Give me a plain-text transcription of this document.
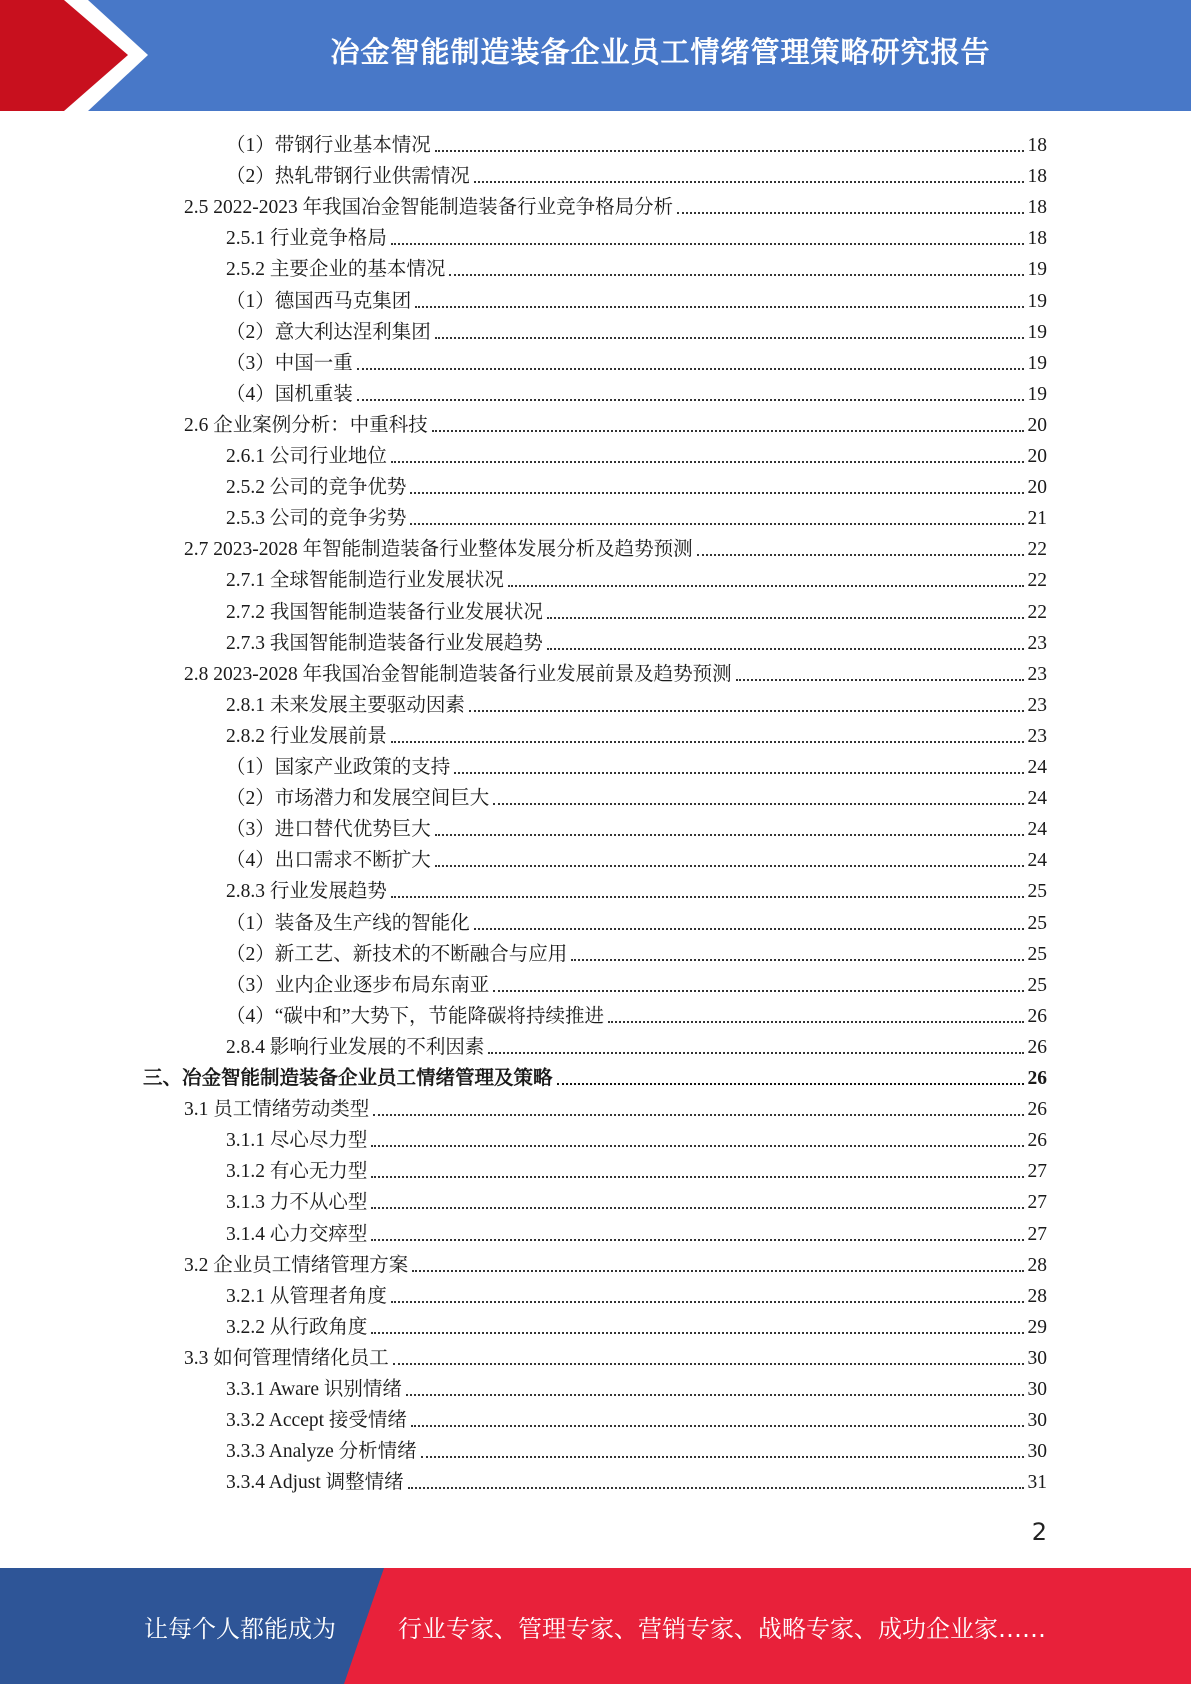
冶金智能制造装备企业员工情绪管理策略研究报告
（1）带钢行业基本情况	18
（2）热轧带钢行业供需情况	18
2.5 2022-2023 年我国冶金智能制造装备行业竞争格局分析	18
2.5.1 行业竞争格局	18
2.5.2 主要企业的基本情况	19
（1）德国西马克集团	19
（2）意大利达涅利集团	19
（3）中国一重	19
（4）国机重装	19
2.6 企业案例分析：中重科技	20
2.6.1 公司行业地位	20
2.5.2 公司的竞争优势	20
2.5.3 公司的竞争劣势	21
2.7 2023-2028 年智能制造装备行业整体发展分析及趋势预测	22
2.7.1 全球智能制造行业发展状况	22
2.7.2 我国智能制造装备行业发展状况	22
2.7.3 我国智能制造装备行业发展趋势	23
2.8 2023-2028 年我国冶金智能制造装备行业发展前景及趋势预测	23
2.8.1 未来发展主要驱动因素	23
2.8.2 行业发展前景	23
（1）国家产业政策的支持	24
（2）市场潜力和发展空间巨大	24
（3）进口替代优势巨大	24
（4）出口需求不断扩大	24
2.8.3 行业发展趋势	25
（1）装备及生产线的智能化	25
（2）新工艺、新技术的不断融合与应用	25
（3）业内企业逐步布局东南亚	25
（4）“碳中和”大势下，节能降碳将持续推进	26
2.8.4 影响行业发展的不利因素	26
三、冶金智能制造装备企业员工情绪管理及策略	26
3.1 员工情绪劳动类型	26
3.1.1 尽心尽力型	26
3.1.2 有心无力型	27
3.1.3 力不从心型	27
3.1.4 心力交瘁型	27
3.2 企业员工情绪管理方案	28
3.2.1 从管理者角度	28
3.2.2 从行政角度	29
3.3 如何管理情绪化员工	30
3.3.1 Aware 识别情绪	30
3.3.2 Accept 接受情绪	30
3.3.3 Analyze 分析情绪	30
3.3.4 Adjust 调整情绪	31
2
让每个人都能成为	行业专家、管理专家、营销专家、战略专家、成功企业家……
